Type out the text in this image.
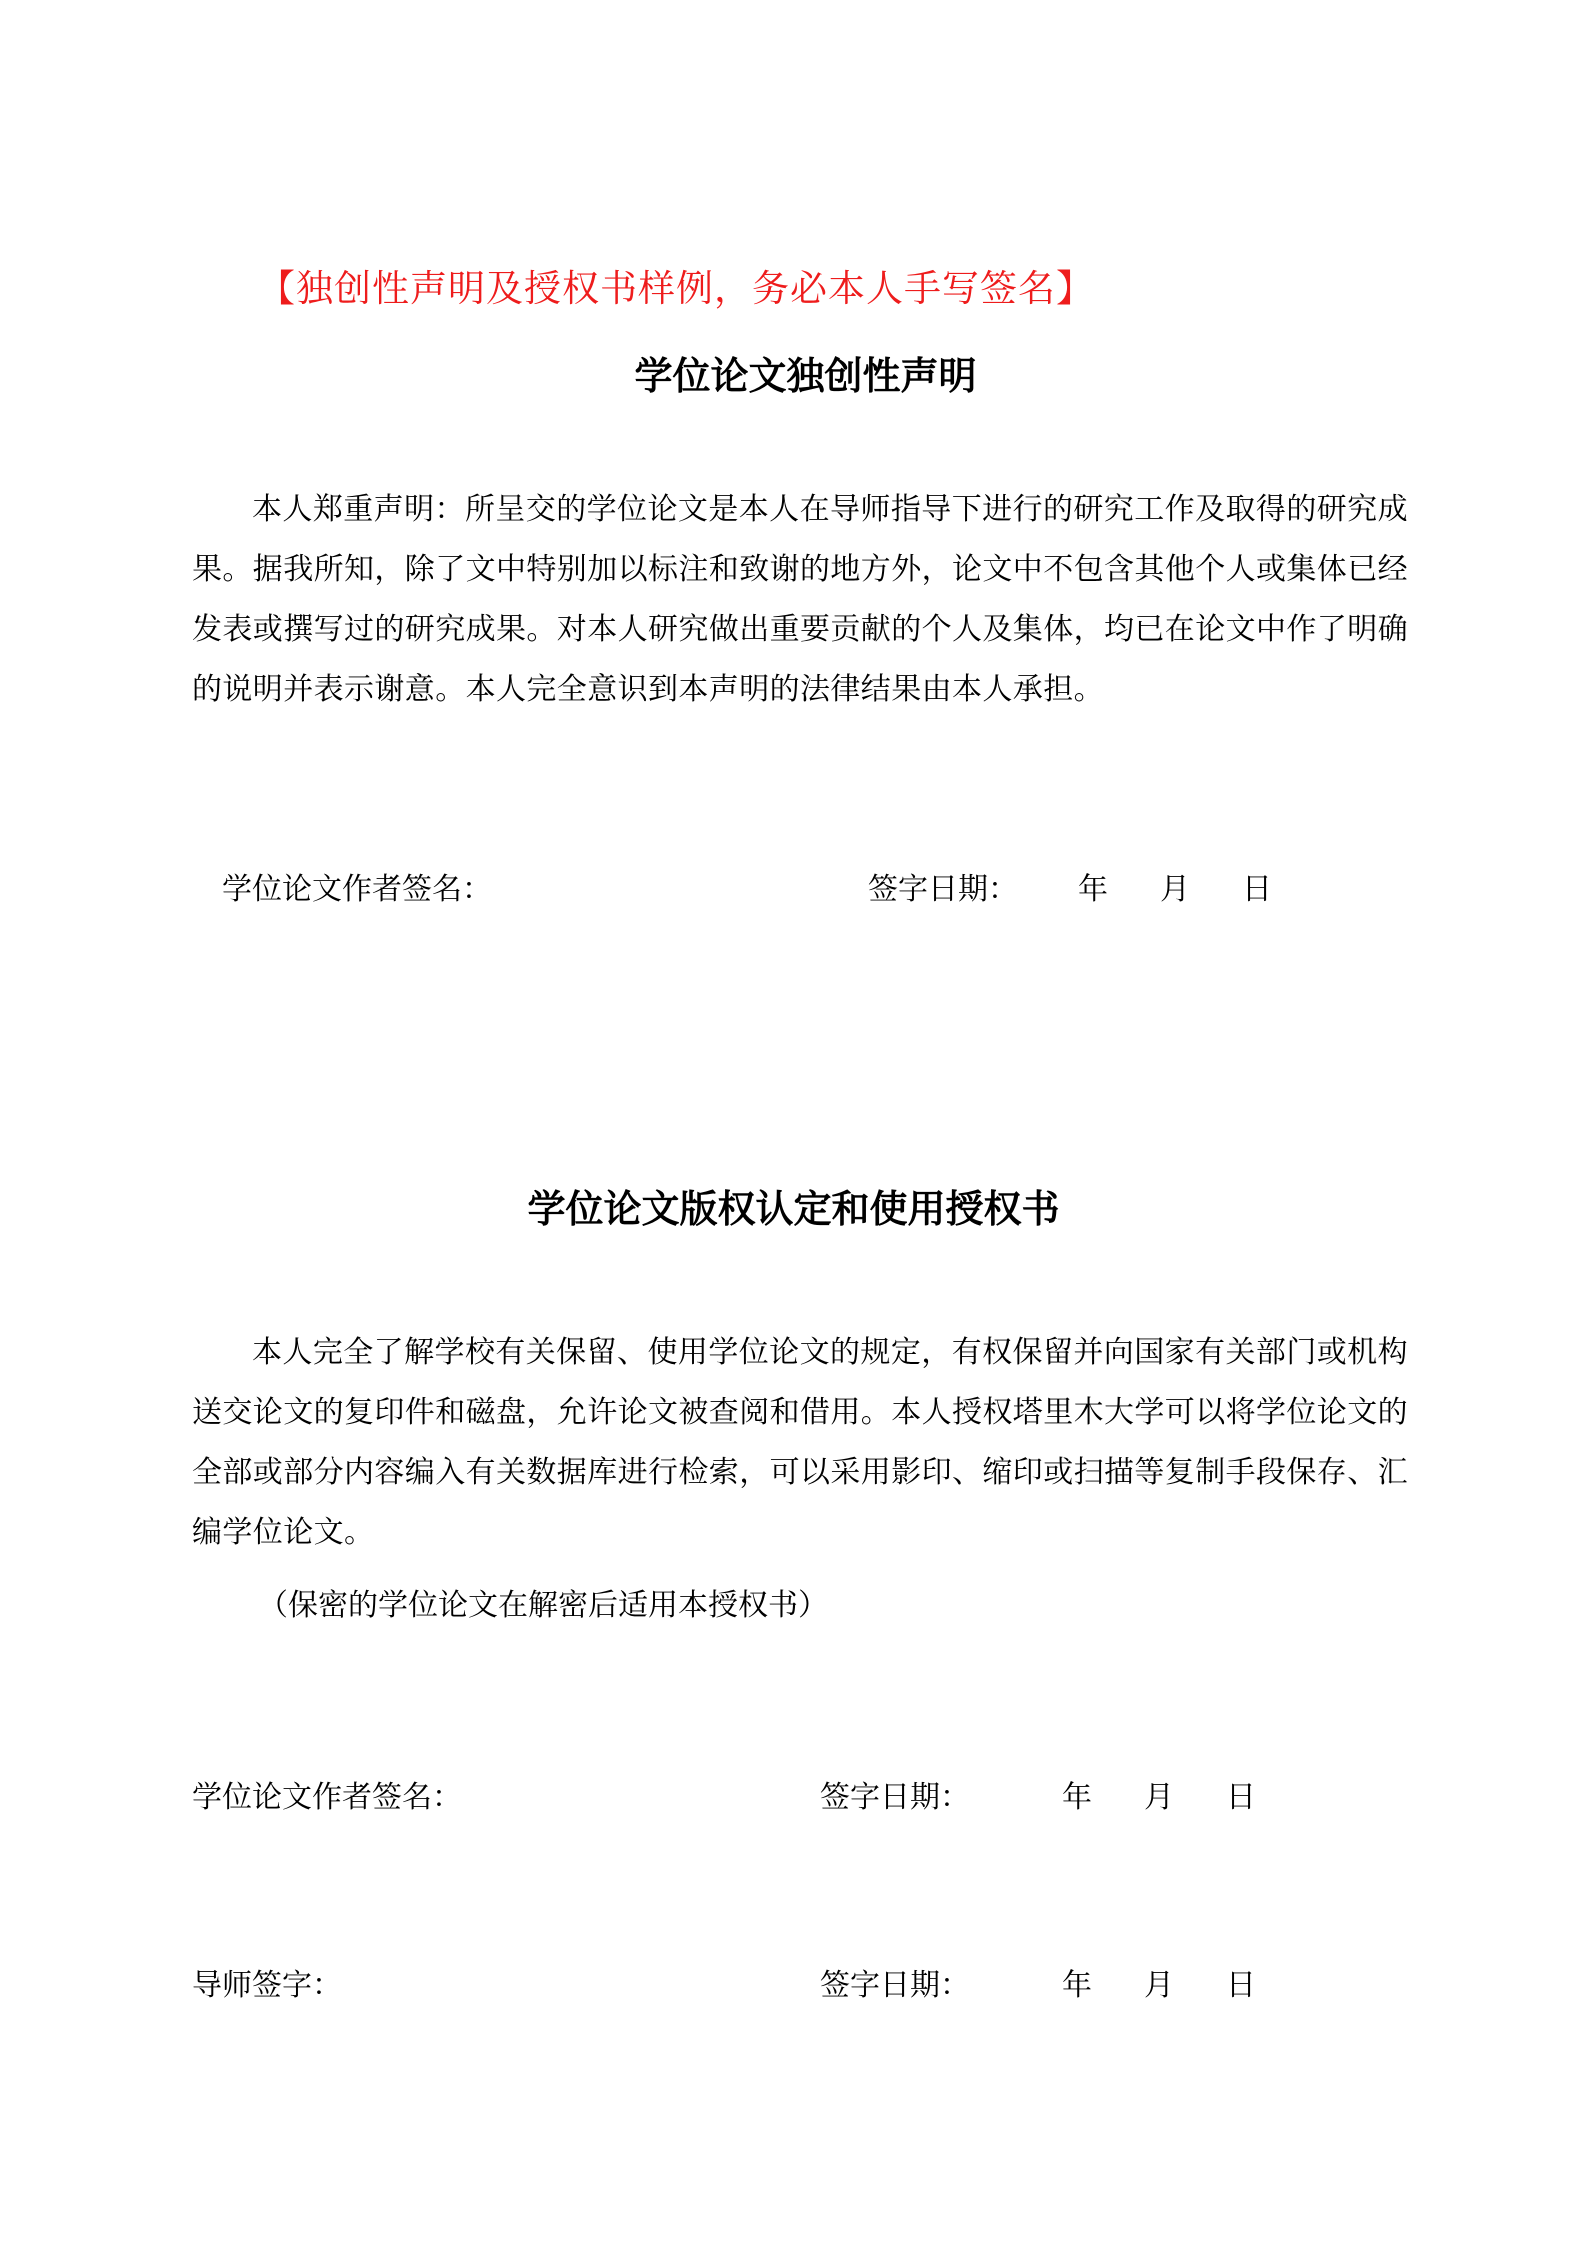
【独创性声明及授权书样例，务必本人手写签名】
学位论文独创性声明
本人郑重声明：所呈交的学位论文是本人在导师指导下进行的研究工作及取得的研究成果。据我所知，除了文中特别加以标注和致谢的地方外，论文中不包含其他个人或集体已经发表或撰写过的研究成果。对本人研究做出重要贡献的个人及集体，均已在论文中作了明确的说明并表示谢意。本人完全意识到本声明的法律结果由本人承担。
学位论文作者签名：	签字日期： 年 月 日
学位论文版权认定和使用授权书
本人完全了解学校有关保留、使用学位论文的规定，有权保留并向国家有关部门或机构送交论文的复印件和磁盘，允许论文被查阅和借用。本人授权塔里木大学可以将学位论文的全部或部分内容编入有关数据库进行检索，可以采用影印、缩印或扫描等复制手段保存、汇编学位论文。
（保密的学位论文在解密后适用本授权书）
学位论文作者签名：	签字日期：	年 月 日
导师签字：	签字日期：	年 月 日
